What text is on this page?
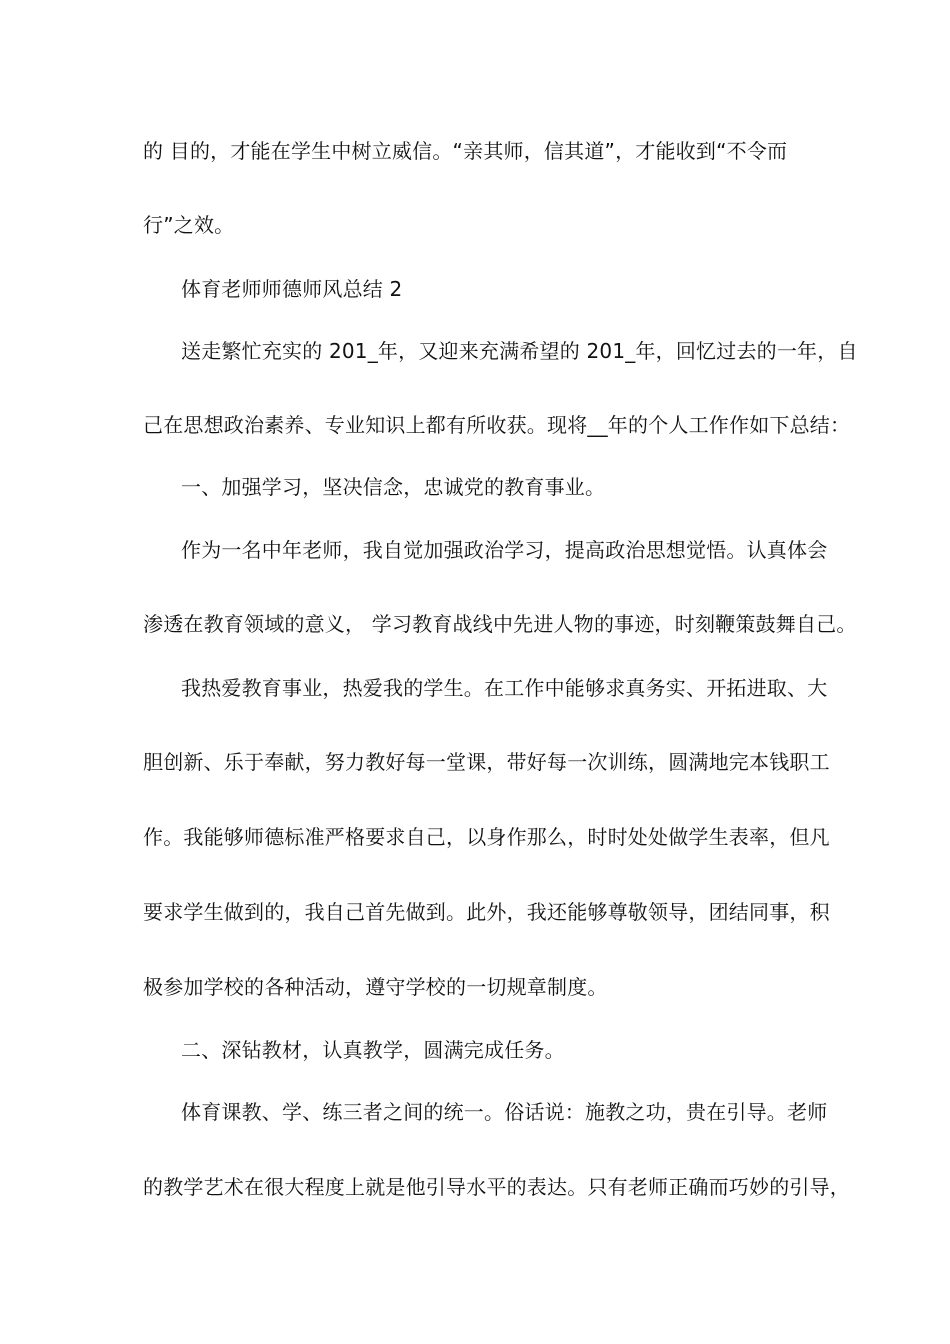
的 目的，才能在学生中树立威信。“亲其师，信其道”，才能收到“不令而
行”之效。
体育老师师德师风总结 2
送走繁忙充实的 201_年，又迎来充满希望的 201_年，回忆过去的一年，自
己在思想政治素养、专业知识上都有所收获。现将__年的个人工作作如下总结：
一、加强学习，坚决信念，忠诚党的教育事业。
作为一名中年老师，我自觉加强政治学习，提高政治思想觉悟。认真体会
渗透在教育领域的意义， 学习教育战线中先进人物的事迹，时刻鞭策鼓舞自己。
我热爱教育事业，热爱我的学生。在工作中能够求真务实、开拓进取、大
胆创新、乐于奉献，努力教好每一堂课，带好每一次训练，圆满地完本钱职工
作。我能够师德标准严格要求自己，以身作那么，时时处处做学生表率，但凡
要求学生做到的，我自己首先做到。此外，我还能够尊敬领导，团结同事，积
极参加学校的各种活动，遵守学校的一切规章制度。
二、深钻教材，认真教学，圆满完成任务。
体育课教、学、练三者之间的统一。俗话说：施教之功，贵在引导。老师
的教学艺术在很大程度上就是他引导水平的表达。只有老师正确而巧妙的引导，
